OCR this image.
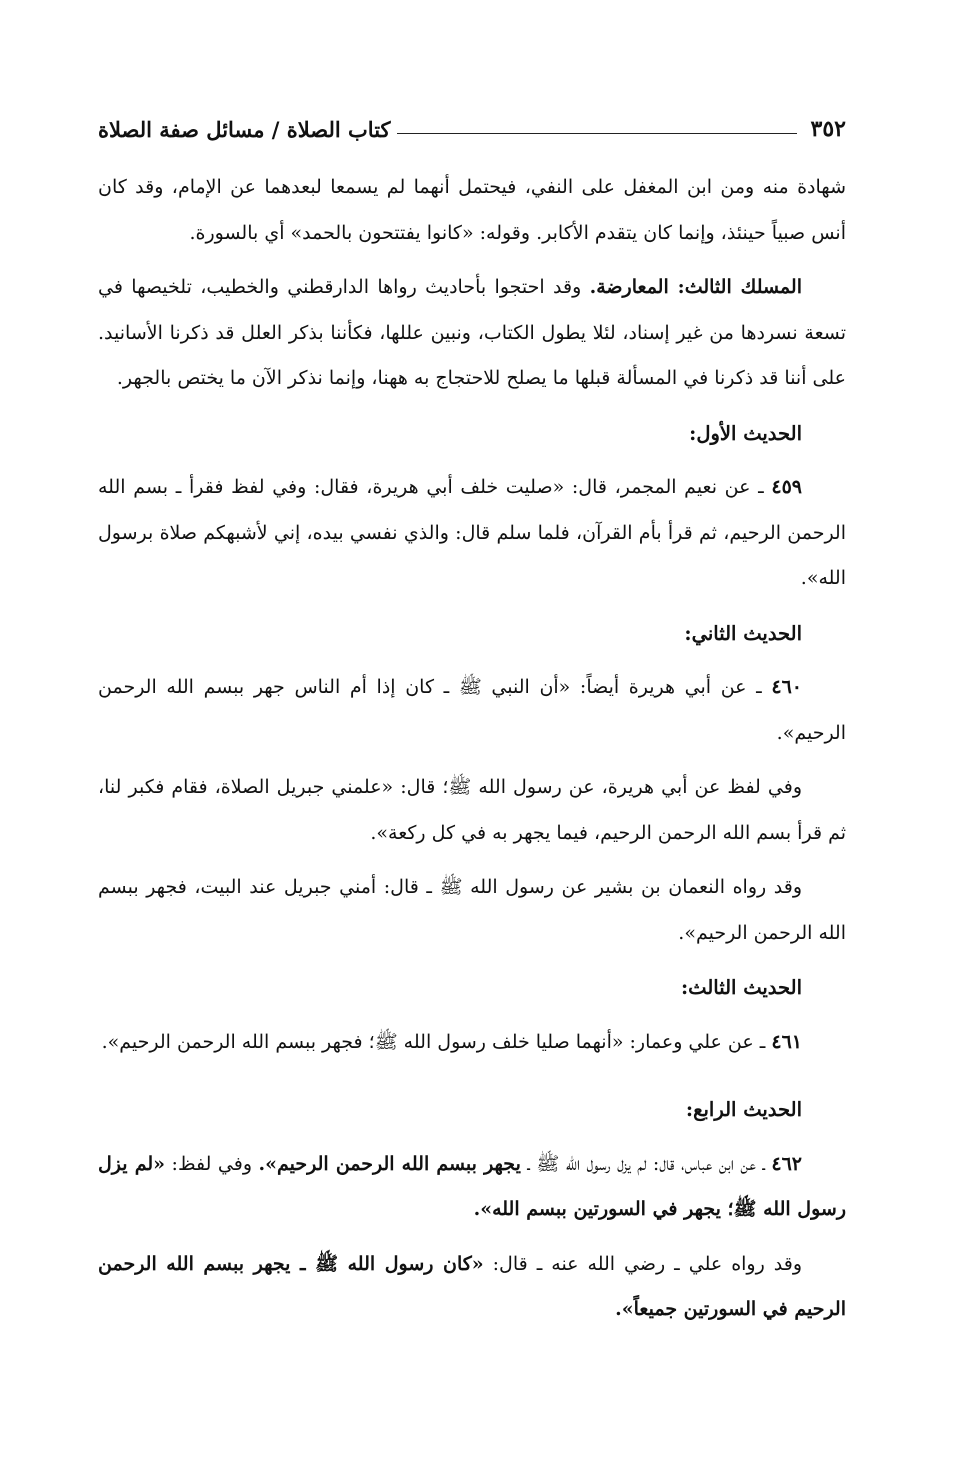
٣٥٢
كتاب الصلاة / مسائل صفة الصلاة

شهادة منه ومن ابن المغفل على النفي، فيحتمل أنهما لم يسمعا لبعدهما عن الإمام، وقد كان أنس صبياً حينئذ، وإنما كان يتقدم الأكابر. وقوله: «كانوا يفتتحون بالحمد» أي بالسورة.

المسلك الثالث: المعارضة. وقد احتجوا بأحاديث رواها الدارقطني والخطيب، تلخيصها في تسعة نسردها من غير إسناد، لئلا يطول الكتاب، ونبين عللها، فكأننا بذكر العلل قد ذكرنا الأسانيد. على أننا قد ذكرنا في المسألة قبلها ما يصلح للاحتجاج به ههنا، وإنما نذكر الآن ما يختص بالجهر.

الحديث الأول:

٤٥٩ ـ عن نعيم المجمر، قال: «صليت خلف أبي هريرة، فقال: وفي لفظ فقرأ ـ بسم الله الرحمن الرحيم، ثم قرأ بأم القرآن، فلما سلم قال: والذي نفسي بيده، إني لأشبهكم صلاة برسول الله».

الحديث الثاني:

٤٦٠ ـ عن أبي هريرة أيضاً: «أن النبي ﷺ ـ كان إذا أم الناس جهر ببسم الله الرحمن الرحيم».

وفي لفظ عن أبي هريرة، عن رسول الله ﷺ؛ قال: «علمني جبريل الصلاة، فقام فكبر لنا، ثم قرأ بسم الله الرحمن الرحيم، فيما يجهر به في كل ركعة».

وقد رواه النعمان بن بشير عن رسول الله ﷺ ـ قال: أمني جبريل عند البيت، فجهر ببسم الله الرحمن الرحيم».

الحديث الثالث:

٤٦١ ـ عن علي وعمار: «أنهما صليا خلف رسول الله ﷺ؛ فجهر ببسم الله الرحمن الرحيم».

الحديث الرابع:

٤٦٢ ـ عن ابن عباس، قال: لم يزل رسول الله ﷺ ـ يجهر ببسم الله الرحمن الرحيم». وفي لفظ: «لم يزل رسول الله ﷺ؛ يجهر في السورتين ببسم الله».

وقد رواه علي ـ رضي الله عنه ـ قال: «كان رسول الله ﷺ ـ يجهر ببسم الله الرحمن الرحيم في السورتين جميعاً».
